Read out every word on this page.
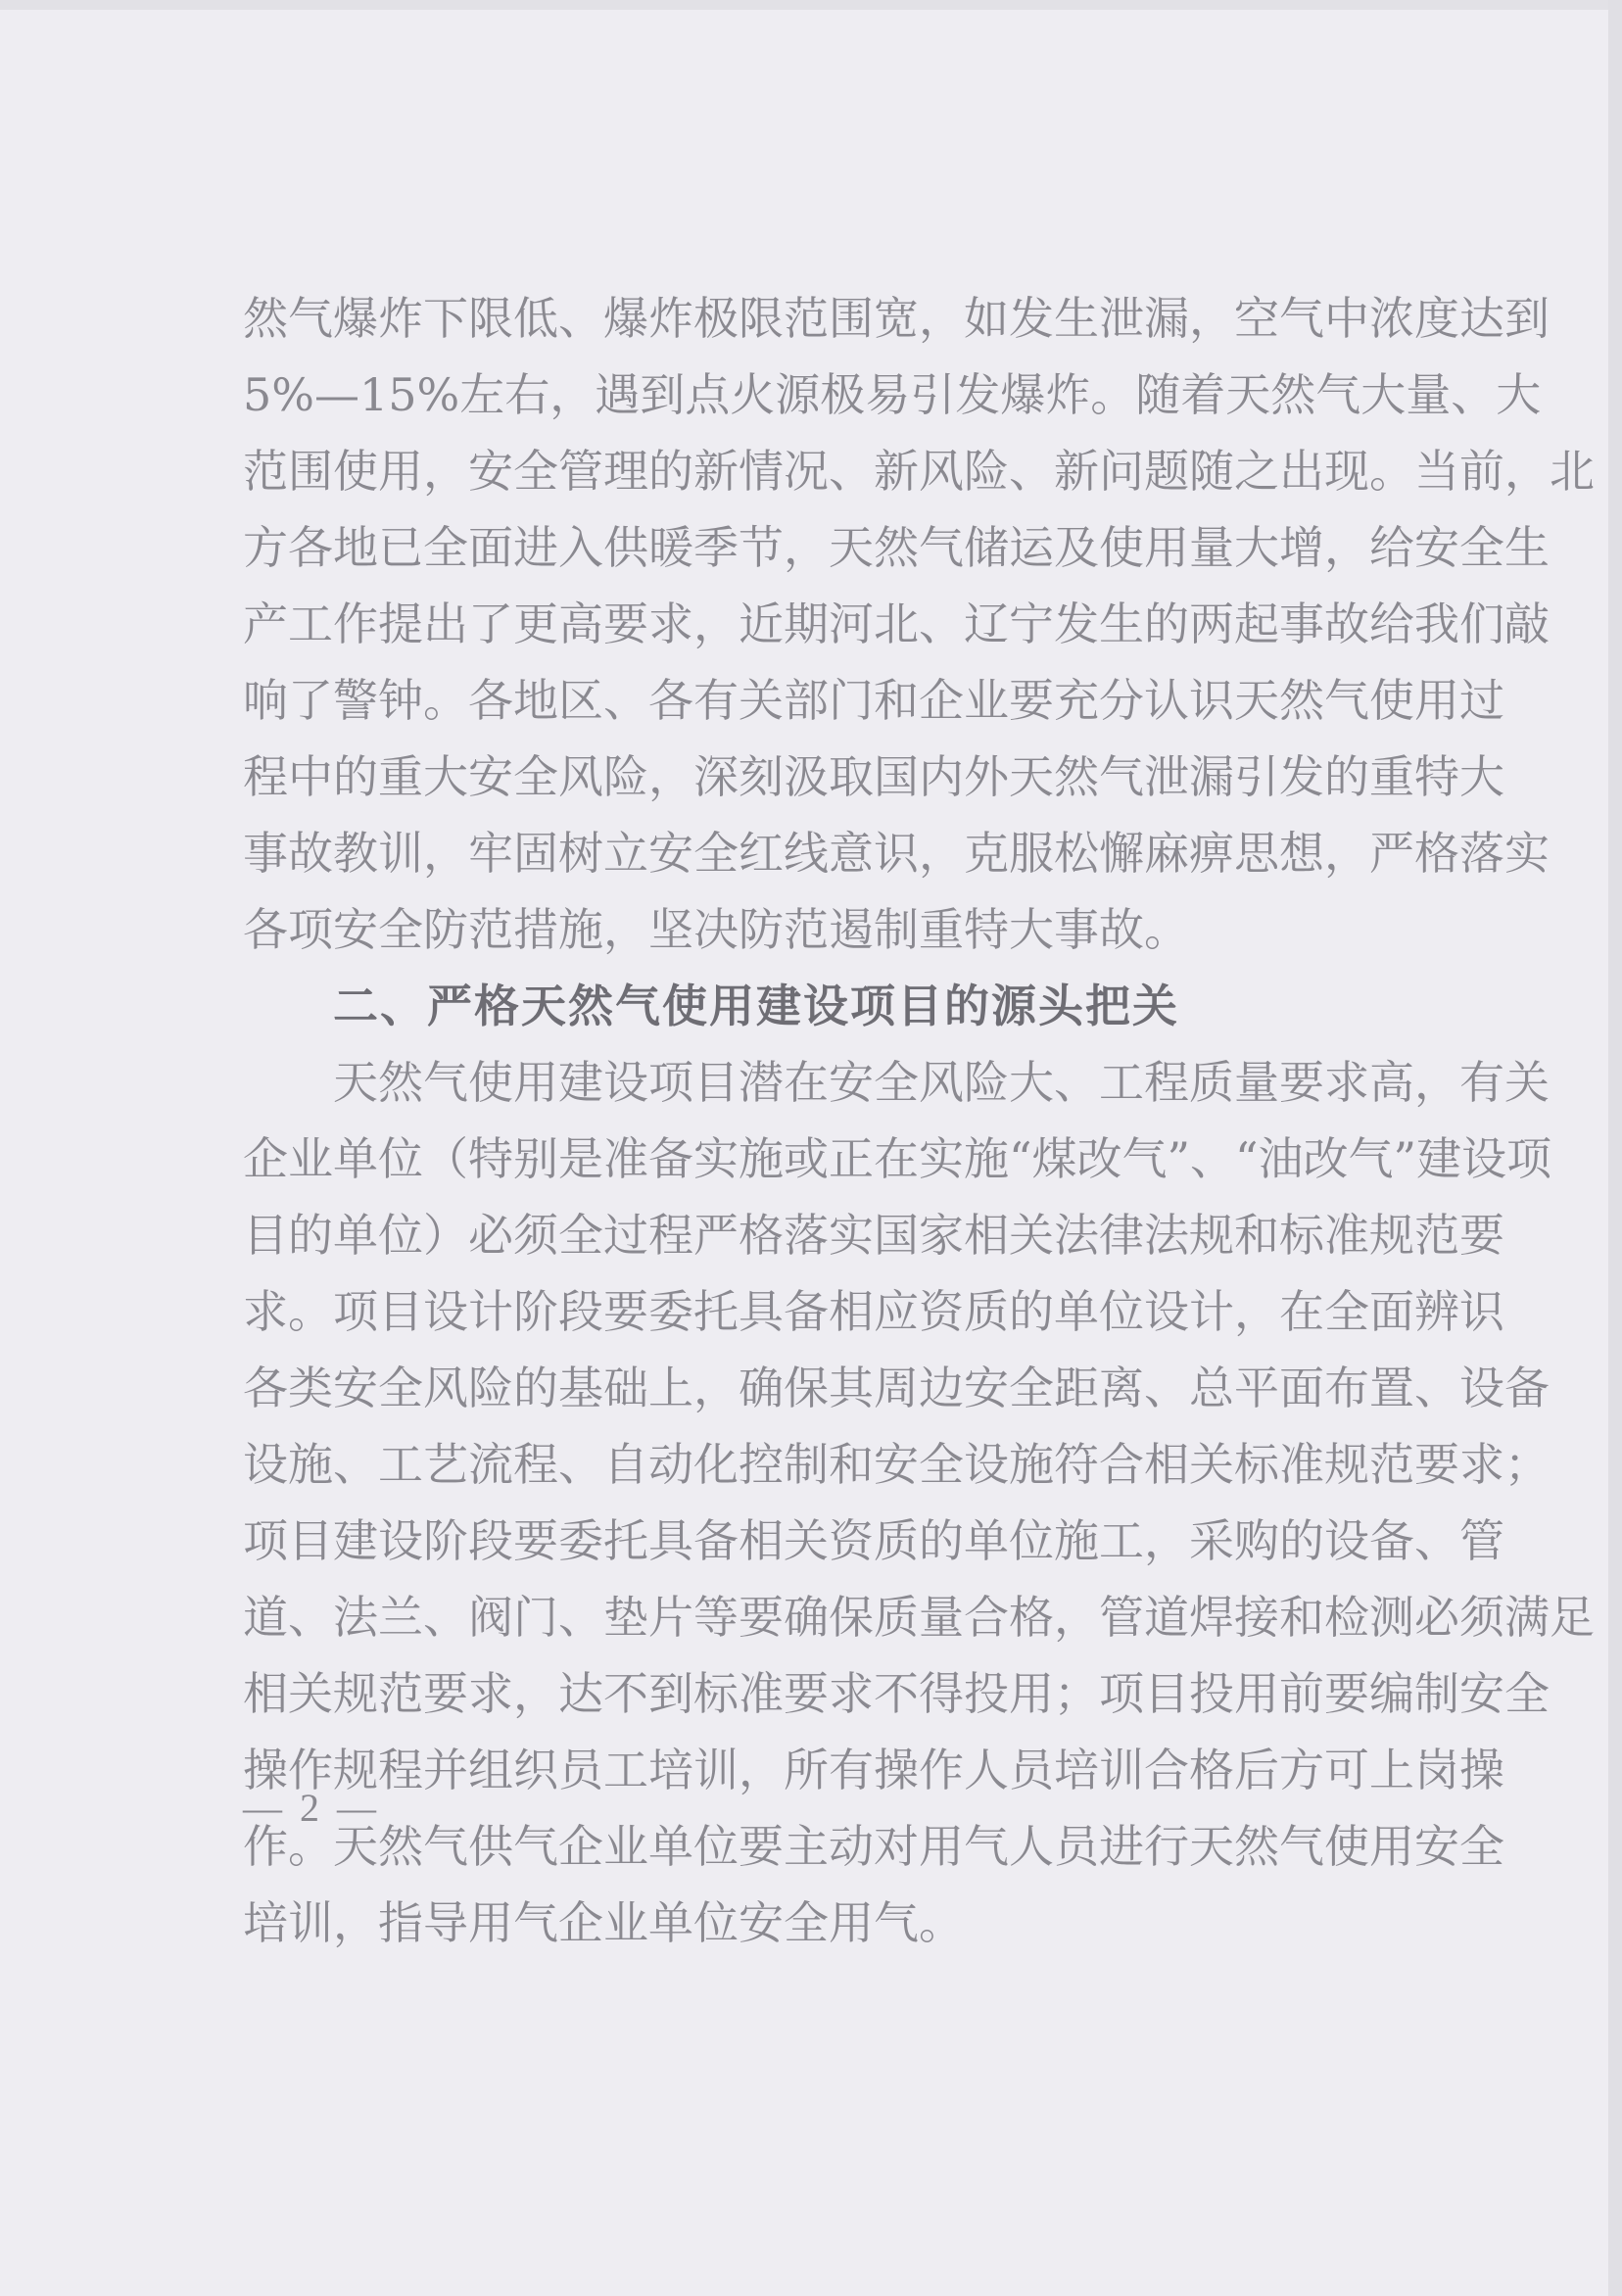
然气爆炸下限低、爆炸极限范围宽，如发生泄漏，空气中浓度达到
5%—15%左右，遇到点火源极易引发爆炸。随着天然气大量、大
范围使用，安全管理的新情况、新风险、新问题随之出现。当前，北
方各地已全面进入供暖季节，天然气储运及使用量大增，给安全生
产工作提出了更高要求，近期河北、辽宁发生的两起事故给我们敲
响了警钟。各地区、各有关部门和企业要充分认识天然气使用过
程中的重大安全风险，深刻汲取国内外天然气泄漏引发的重特大
事故教训，牢固树立安全红线意识，克服松懈麻痹思想，严格落实
各项安全防范措施，坚决防范遏制重特大事故。
二、严格天然气使用建设项目的源头把关
天然气使用建设项目潜在安全风险大、工程质量要求高，有关
企业单位（特别是准备实施或正在实施“煤改气”、“油改气”建设项
目的单位）必须全过程严格落实国家相关法律法规和标准规范要
求。项目设计阶段要委托具备相应资质的单位设计，在全面辨识
各类安全风险的基础上，确保其周边安全距离、总平面布置、设备
设施、工艺流程、自动化控制和安全设施符合相关标准规范要求；
项目建设阶段要委托具备相关资质的单位施工，采购的设备、管
道、法兰、阀门、垫片等要确保质量合格，管道焊接和检测必须满足
相关规范要求，达不到标准要求不得投用；项目投用前要编制安全
操作规程并组织员工培训，所有操作人员培训合格后方可上岗操
作。天然气供气企业单位要主动对用气人员进行天然气使用安全
培训，指导用气企业单位安全用气。
— 2 —
